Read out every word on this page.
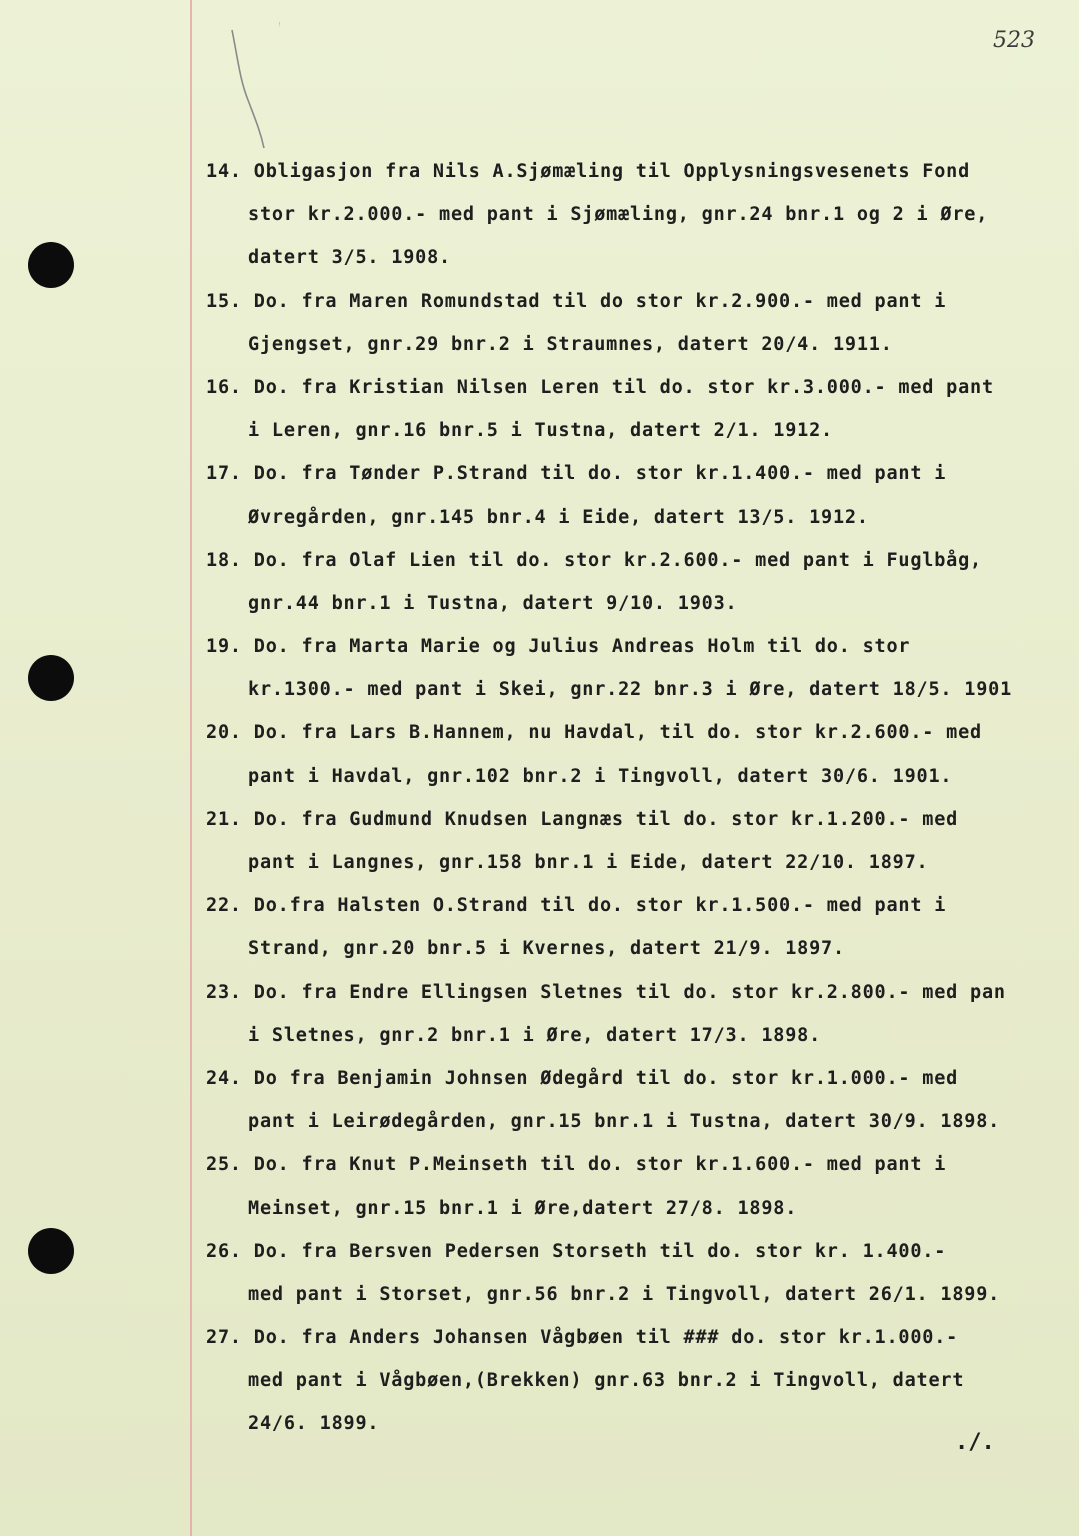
523
14. Obligasjon fra Nils A.Sjømæling til Opplysningsvesenets Fond
stor kr.2.000.- med pant i Sjømæling, gnr.24 bnr.1 og 2 i Øre,
datert 3/5. 1908.
15. Do. fra Maren Romundstad til do stor kr.2.900.- med pant i
Gjengset, gnr.29 bnr.2 i Straumnes, datert 20/4. 1911.
16. Do. fra Kristian Nilsen Leren til do. stor kr.3.000.- med pant
i Leren, gnr.16 bnr.5 i Tustna, datert 2/1. 1912.
17. Do. fra Tønder P.Strand til do. stor kr.1.400.- med pant i
Øvregården, gnr.145 bnr.4 i Eide, datert 13/5. 1912.
18. Do. fra Olaf Lien til do. stor kr.2.600.- med pant i Fuglbåg,
gnr.44 bnr.1 i Tustna, datert 9/10. 1903.
19. Do. fra Marta Marie og Julius Andreas Holm til do. stor
kr.1300.- med pant i Skei, gnr.22 bnr.3 i Øre, datert 18/5. 1901
20. Do. fra Lars B.Hannem, nu Havdal, til do. stor kr.2.600.- med
pant i Havdal, gnr.102 bnr.2 i Tingvoll, datert 30/6. 1901.
21. Do. fra Gudmund Knudsen Langnæs til do. stor kr.1.200.- med
pant i Langnes, gnr.158 bnr.1 i Eide, datert 22/10. 1897.
22. Do.fra Halsten O.Strand til do. stor kr.1.500.- med pant i
Strand, gnr.20 bnr.5 i Kvernes, datert 21/9. 1897.
23. Do. fra Endre Ellingsen Sletnes til do. stor kr.2.800.- med pan
i Sletnes, gnr.2 bnr.1 i Øre, datert 17/3. 1898.
24. Do fra Benjamin Johnsen Ødegård til do. stor kr.1.000.- med
pant i Leirødegården, gnr.15 bnr.1 i Tustna, datert 30/9. 1898.
25. Do. fra Knut P.Meinseth til do. stor kr.1.600.- med pant i
Meinset, gnr.15 bnr.1 i Øre,datert 27/8. 1898.
26. Do. fra Bersven Pedersen Storseth til do. stor kr. 1.400.-
med pant i Storset, gnr.56 bnr.2 i Tingvoll, datert 26/1. 1899.
27. Do. fra Anders Johansen Vågbøen til ### do. stor kr.1.000.-
med pant i Vågbøen,(Brekken) gnr.63 bnr.2 i Tingvoll, datert
24/6. 1899.
./.
